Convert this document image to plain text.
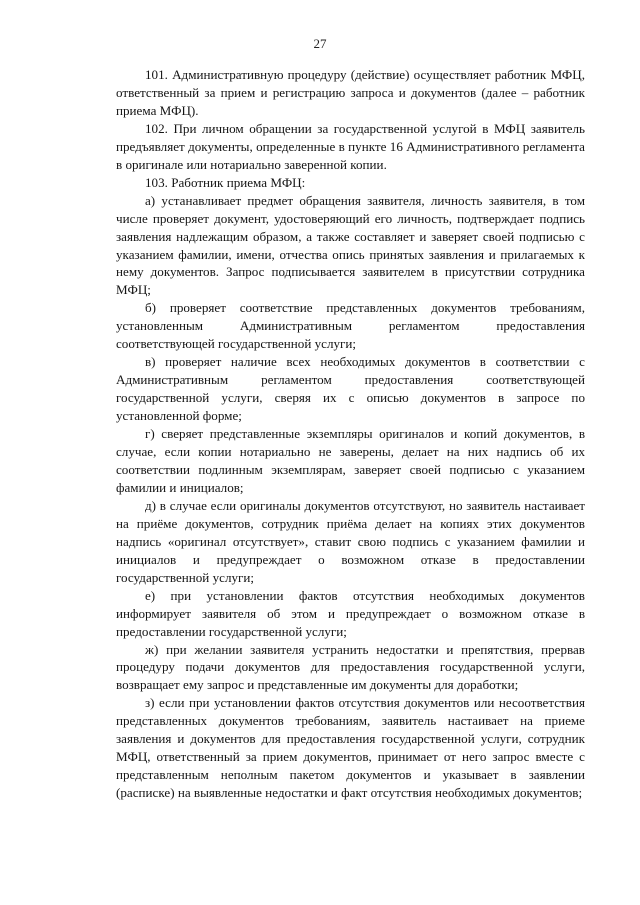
27

101. Административную процедуру (действие) осуществляет работник МФЦ, ответственный за прием и регистрацию запроса и документов (далее – работник приема МФЦ).

102. При личном обращении за государственной услугой в МФЦ заявитель предъявляет документы, определенные в пункте 16 Административного регламента в оригинале или нотариально заверенной копии.

103. Работник приема МФЦ:

а) устанавливает предмет обращения заявителя, личность заявителя, в том числе проверяет документ, удостоверяющий его личность, подтверждает подпись заявления надлежащим образом, а также составляет и заверяет своей подписью с указанием фамилии, имени, отчества опись принятых заявления и прилагаемых к нему документов. Запрос подписывается заявителем в присутствии сотрудника МФЦ;

б) проверяет соответствие представленных документов требованиям, установленным Административным регламентом предоставления соответствующей государственной услуги;

в) проверяет наличие всех необходимых документов в соответствии с Административным регламентом предоставления соответствующей государственной услуги, сверяя их с описью документов в запросе по установленной форме;

г) сверяет представленные экземпляры оригиналов и копий документов, в случае, если копии нотариально не заверены, делает на них надпись об их соответствии подлинным экземплярам, заверяет своей подписью с указанием фамилии и инициалов;

д) в случае если оригиналы документов отсутствуют, но заявитель настаивает на приёме документов, сотрудник приёма делает на копиях этих документов надпись «оригинал отсутствует», ставит свою подпись с указанием фамилии и инициалов и предупреждает о возможном отказе в предоставлении государственной услуги;

е) при установлении фактов отсутствия необходимых документов информирует заявителя об этом и предупреждает о возможном отказе в предоставлении государственной услуги;

ж) при желании заявителя устранить недостатки и препятствия, прервав процедуру подачи документов для предоставления государственной услуги, возвращает ему запрос и представленные им документы для доработки;

з) если при установлении фактов отсутствия документов или несоответствия представленных документов требованиям, заявитель настаивает на приеме заявления и документов для предоставления государственной услуги, сотрудник МФЦ, ответственный за прием документов, принимает от него запрос вместе с представленным неполным пакетом документов и указывает в заявлении (расписке) на выявленные недостатки и факт отсутствия необходимых документов;
